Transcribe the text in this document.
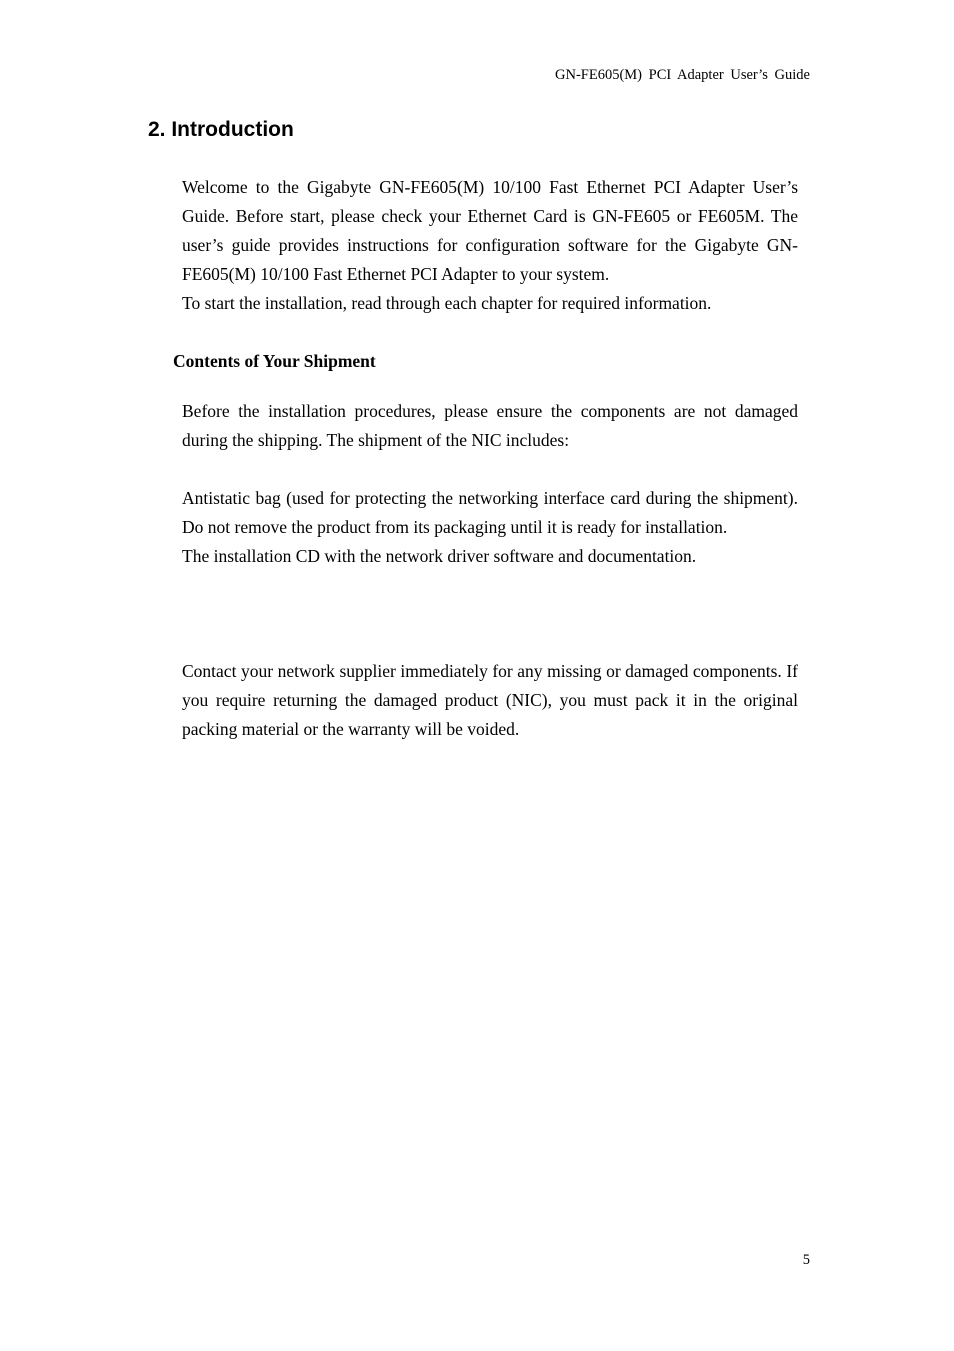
GN-FE605(M) PCI Adapter User’s Guide
2. Introduction
Welcome to the Gigabyte GN-FE605(M) 10/100 Fast Ethernet PCI Adapter User’s Guide. Before start, please check your Ethernet Card is GN-FE605 or FE605M. The user’s guide provides instructions for configuration software for the Gigabyte GN-FE605(M) 10/100 Fast Ethernet PCI Adapter to your system.
To start the installation, read through each chapter for required information.
Contents of Your Shipment

Before the installation procedures, please ensure the components are not damaged during the shipping. The shipment of the NIC includes:

Antistatic bag (used for protecting the networking interface card during the shipment). Do not remove the product from its packaging until it is ready for installation.
The installation CD with the network driver software and documentation.

Contact your network supplier immediately for any missing or damaged components. If you require returning the damaged product (NIC), you must pack it in the original packing material or the warranty will be voided.

5
